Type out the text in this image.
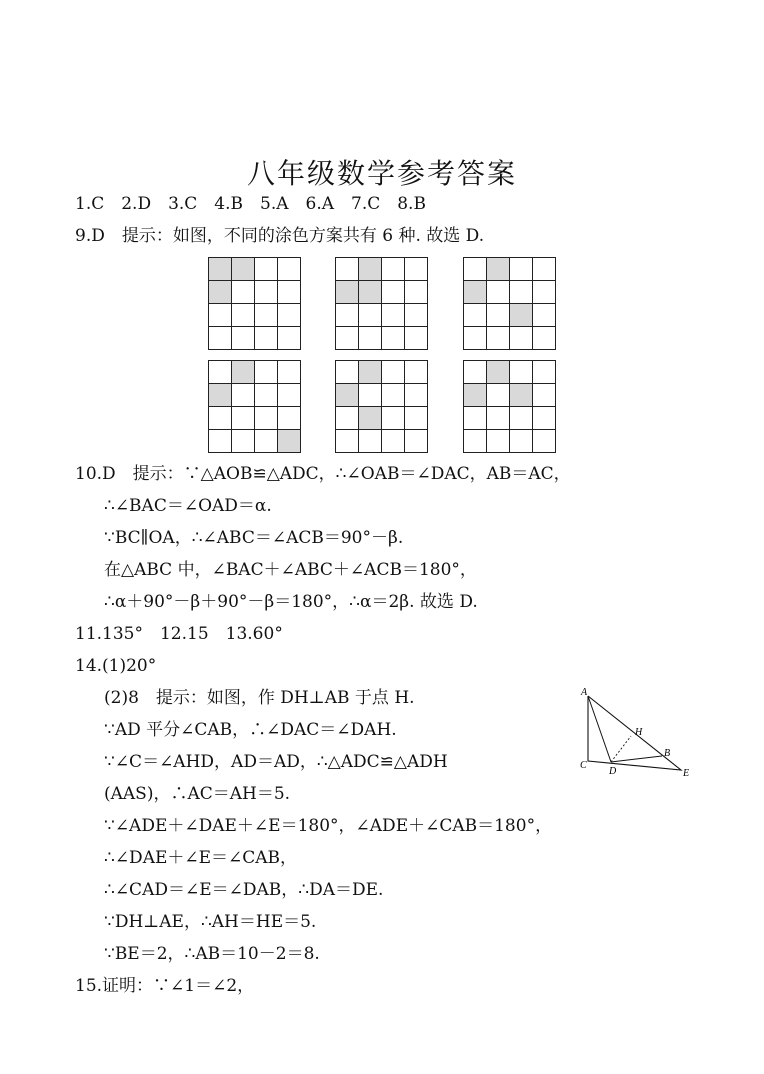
八年级数学参考答案
1.C　2.D　3.C　4.B　5.A　6.A　7.C　8.B
9.D　提示：如图，不同的涂色方案共有 6 种. 故选 D.
10.D　提示：∵△AOB≌△ADC，∴∠OAB＝∠DAC，AB＝AC，
∴∠BAC＝∠OAD＝α.
∵BC∥OA，∴∠ABC＝∠ACB＝90°－β.
在△ABC 中，∠BAC＋∠ABC＋∠ACB＝180°，
∴α＋90°－β＋90°－β＝180°，∴α＝2β. 故选 D.
11.135°　12.15　13.60°
14.(1)20°
(2)8　提示：如图，作 DH⊥AB 于点 H.
∵AD 平分∠CAB，∴∠DAC＝∠DAH.
∵∠C＝∠AHD，AD＝AD，∴△ADC≌△ADH
(AAS)，∴AC＝AH＝5.
∵∠ADE＋∠DAE＋∠E＝180°，∠ADE＋∠CAB＝180°，
∴∠DAE＋∠E＝∠CAB，
∴∠CAD＝∠E＝∠DAB，∴DA＝DE.
∵DH⊥AE，∴AH＝HE＝5.
∵BE＝2，∴AB＝10－2＝8.
15.证明：∵∠1＝∠2，
A
H
B
C
D	E
